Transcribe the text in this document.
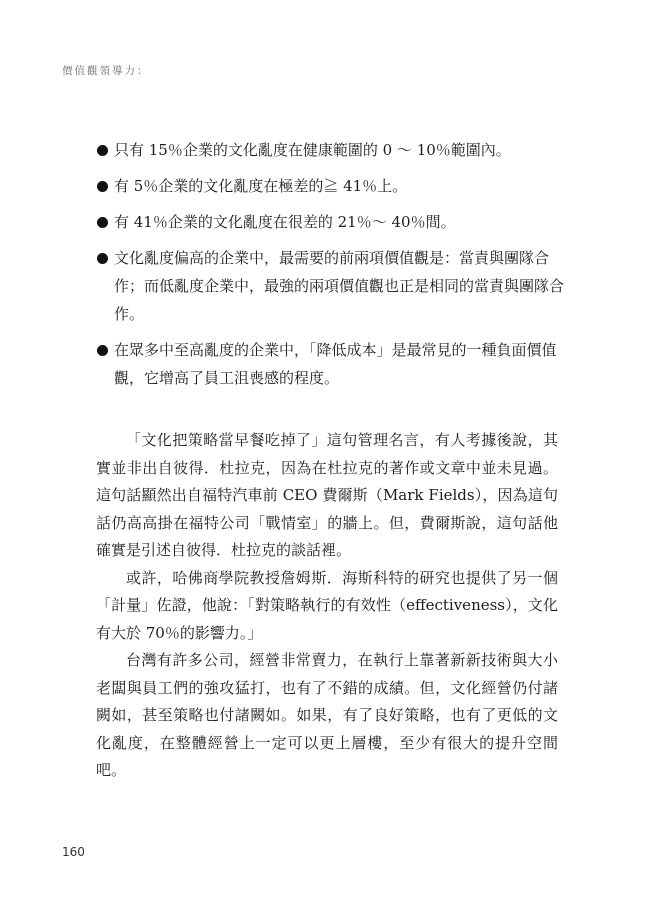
價值觀領導力：
只有 15％企業的文化亂度在健康範圍的 0 ～ 10％範圍內。
有 5％企業的文化亂度在極差的≧ 41％上。
有 41％企業的文化亂度在很差的 21％～ 40％間。
文化亂度偏高的企業中，最需要的前兩項價值觀是：當責與團隊合作；而低亂度企業中，最強的兩項價值觀也正是相同的當責與團隊合作。
在眾多中至高亂度的企業中，「降低成本」是最常見的一種負面價值觀，它增高了員工沮喪感的程度。

「文化把策略當早餐吃掉了」這句管理名言，有人考據後說，其實並非出自彼得．杜拉克，因為在杜拉克的著作或文章中並未見過。這句話顯然出自福特汽車前 CEO 費爾斯（Mark Fields），因為這句話仍高高掛在福特公司「戰情室」的牆上。但，費爾斯說，這句話他確實是引述自彼得．杜拉克的談話裡。

或許，哈佛商學院教授詹姆斯．海斯科特的研究也提供了另一個「計量」佐證，他說：「對策略執行的有效性（effectiveness），文化有大於 70％的影響力。」

台灣有許多公司，經營非常賣力，在執行上靠著新新技術與大小老闆與員工們的強攻猛打，也有了不錯的成績。但，文化經營仍付諸闕如，甚至策略也付諸闕如。如果，有了良好策略，也有了更低的文化亂度，在整體經營上一定可以更上層樓，至少有很大的提升空間吧。

160
